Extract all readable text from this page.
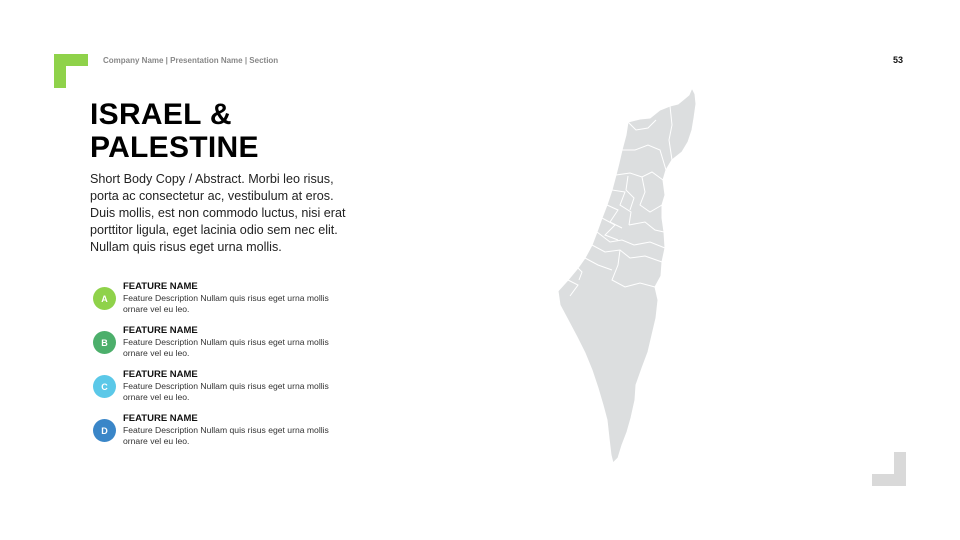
Company Name | Presentation Name | Section	53
ISRAEL &
PALESTINE
Short Body Copy / Abstract. Morbi leo risus, porta ac consectetur ac, vestibulum at eros. Duis mollis, est non commodo luctus, nisi erat porttitor ligula, eget lacinia odio sem nec elit. Nullam quis risus eget urna mollis.
A
FEATURE NAME
Feature Description Nullam quis risus eget urna mollis ornare vel eu leo.
B
FEATURE NAME
Feature Description Nullam quis risus eget urna mollis ornare vel eu leo.
C
FEATURE NAME
Feature Description Nullam quis risus eget urna mollis ornare vel eu leo.
D
FEATURE NAME
Feature Description Nullam quis risus eget urna mollis ornare vel eu leo.
